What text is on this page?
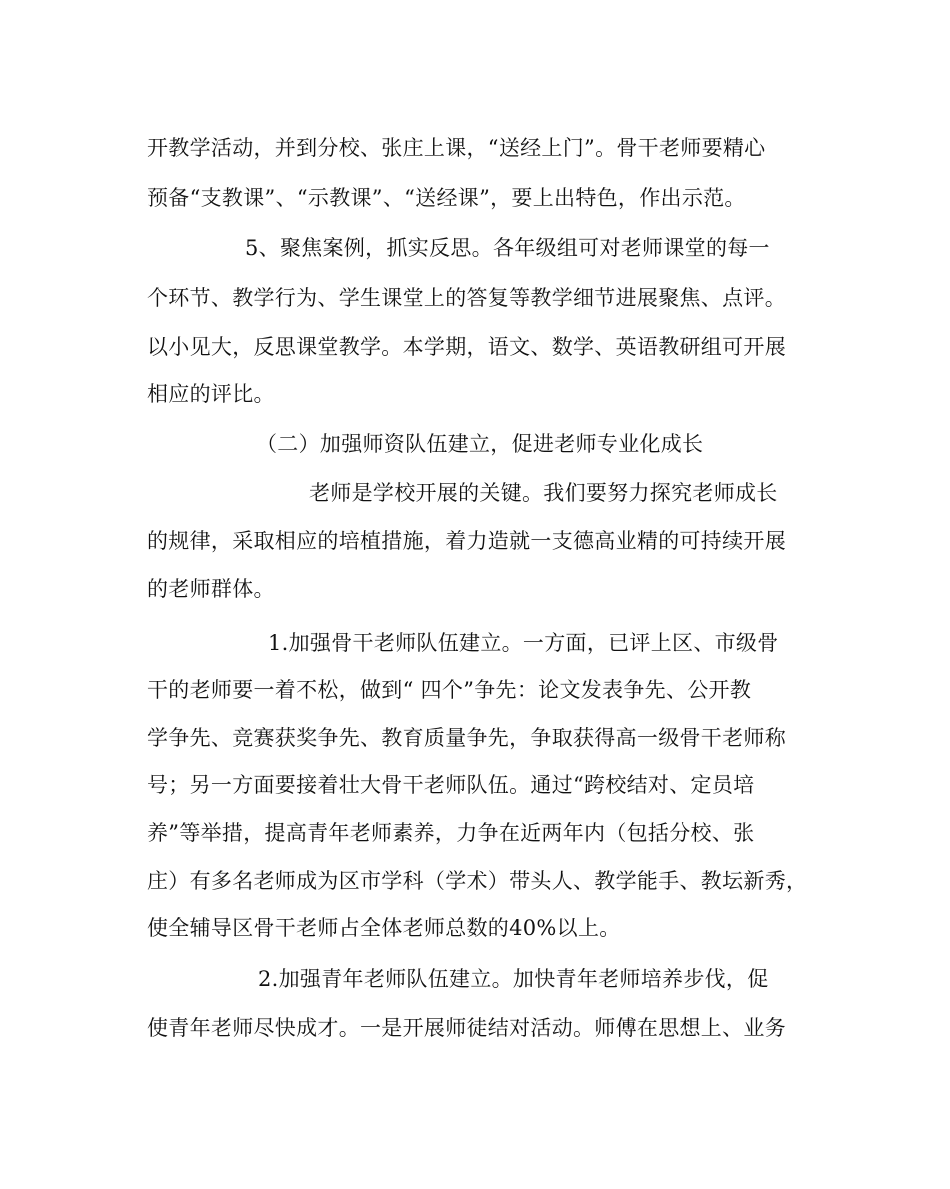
开教学活动，并到分校、张庄上课，“送经上门”。骨干老师要精心
预备“支教课”、“示教课”、“送经课”，要上出特色，作出示范。
5、聚焦案例，抓实反思。各年级组可对老师课堂的每一
个环节、教学行为、学生课堂上的答复等教学细节进展聚焦、点评。
以小见大，反思课堂教学。本学期，语文、数学、英语教研组可开展
相应的评比。
（二）加强师资队伍建立，促进老师专业化成长
老师是学校开展的关键。我们要努力探究老师成长
的规律，采取相应的培植措施，着力造就一支德高业精的可持续开展
的老师群体。
1.加强骨干老师队伍建立。一方面，已评上区、市级骨
干的老师要一着不松，做到“ 四个”争先：论文发表争先、公开教
学争先、竞赛获奖争先、教育质量争先，争取获得高一级骨干老师称
号；另一方面要接着壮大骨干老师队伍。通过“跨校结对、定员培
养”等举措，提高青年老师素养，力争在近两年内（包括分校、张
庄）有多名老师成为区市学科（学术）带头人、教学能手、教坛新秀，
使全辅导区骨干老师占全体老师总数的40%以上。
2.加强青年老师队伍建立。加快青年老师培养步伐，促
使青年老师尽快成才。一是开展师徒结对活动。师傅在思想上、业务
